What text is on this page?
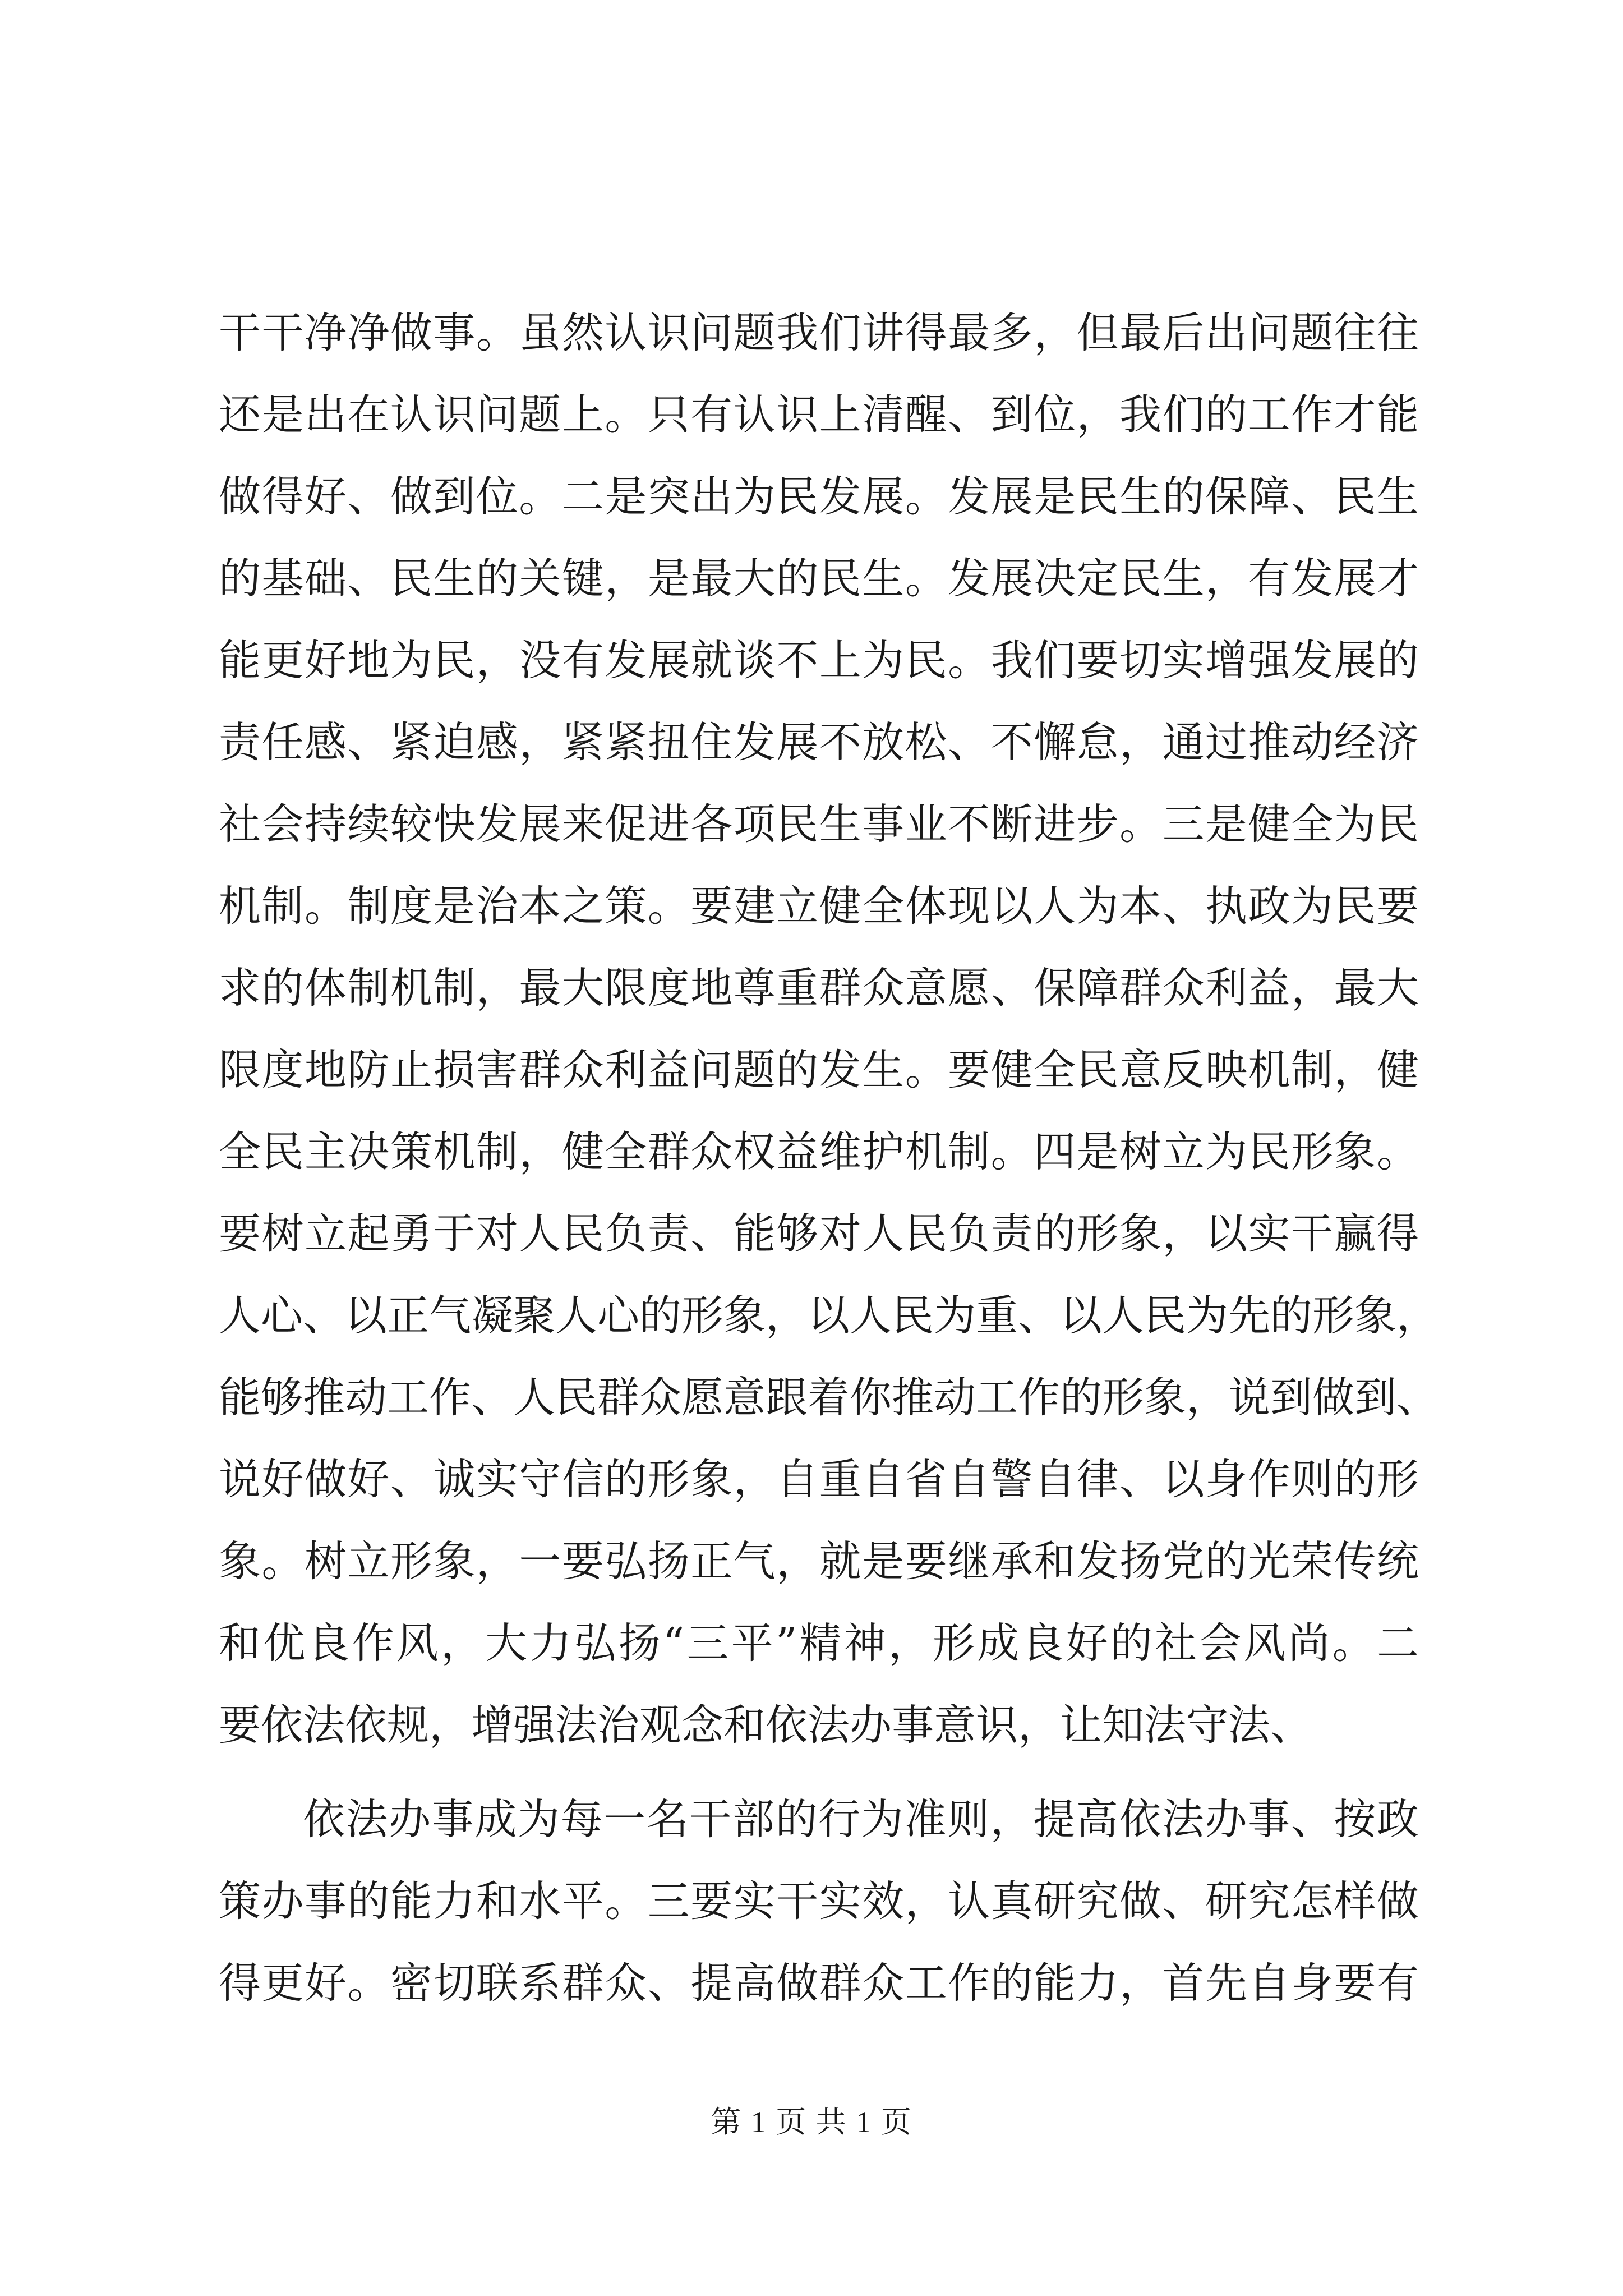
干干净净做事。虽然认识问题我们讲得最多，但最后出问题往往
还是出在认识问题上。只有认识上清醒、到位，我们的工作才能
做得好、做到位。二是突出为民发展。发展是民生的保障、民生
的基础、民生的关键，是最大的民生。发展决定民生，有发展才
能更好地为民，没有发展就谈不上为民。我们要切实增强发展的
责任感、紧迫感，紧紧扭住发展不放松、不懈怠，通过推动经济
社会持续较快发展来促进各项民生事业不断进步。三是健全为民
机制。制度是治本之策。要建立健全体现以人为本、执政为民要
求的体制机制，最大限度地尊重群众意愿、保障群众利益，最大
限度地防止损害群众利益问题的发生。要健全民意反映机制，健
全民主决策机制，健全群众权益维护机制。四是树立为民形象。
要树立起勇于对人民负责、能够对人民负责的形象，以实干赢得
人心、以正气凝聚人心的形象，以人民为重、以人民为先的形象，
能够推动工作、人民群众愿意跟着你推动工作的形象，说到做到、
说好做好、诚实守信的形象，自重自省自警自律、以身作则的形
象。树立形象，一要弘扬正气，就是要继承和发扬党的光荣传统
和优良作风，大力弘扬“三平”精神，形成良好的社会风尚。二
要依法依规，增强法治观念和依法办事意识，让知法守法、
依法办事成为每一名干部的行为准则，提高依法办事、按政
策办事的能力和水平。三要实干实效，认真研究做、研究怎样做
得更好。密切联系群众、提高做群众工作的能力，首先自身要有
第 1 页 共 1 页
